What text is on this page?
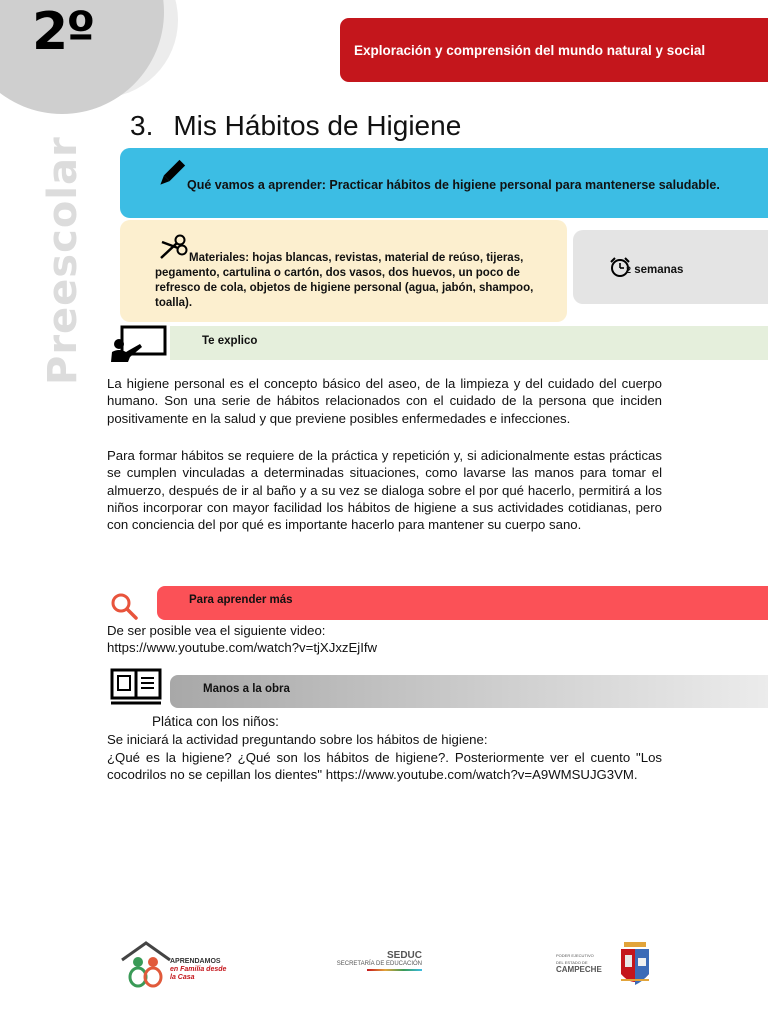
2º	Exploración y comprensión del mundo natural y social
Preescolar
3. Mis Hábitos de Higiene
Qué vamos a aprender: Practicar hábitos de higiene personal para mantenerse saludable.
Materiales: hojas blancas, revistas, material de reúso, tijeras, pegamento, cartulina o cartón, dos vasos, dos huevos, un poco de refresco de cola, objetos de higiene personal (agua, jabón, shampoo, toalla).
2 semanas
Te explico
La higiene personal es el concepto básico del aseo, de la limpieza y del cuidado del cuerpo humano. Son una serie de hábitos relacionados con el cuidado de la persona que inciden positivamente en la salud y que previene posibles enfermedades e infecciones.
Para formar hábitos se requiere de la práctica y repetición y, si adicionalmente estas prácticas se cumplen vinculadas a determinadas situaciones, como lavarse las manos para tomar el almuerzo, después de ir al baño y a su vez se dialoga sobre el por qué hacerlo, permitirá a los niños incorporar con mayor facilidad los hábitos de higiene a sus actividades cotidianas, pero con conciencia del por qué es importante hacerlo para mantener su cuerpo sano.
Para aprender más
De ser posible vea el siguiente video:
https://www.youtube.com/watch?v=tjXJxzEjIfw
Manos a la obra
Plática con los niños:
Se iniciará la actividad preguntando sobre los hábitos de higiene:
¿Qué es la higiene? ¿Qué son los hábitos de higiene?. Posteriormente ver el cuento "Los cocodrilos no se cepillan los dientes" https://www.youtube.com/watch?v=A9WMSUJG3VM.
APRENDAMOS
en Familia desde
la Casa
SEDUC
SECRETARÍA DE EDUCACIÓN
PODER EJECUTIVO
DEL ESTADO DE
CAMPECHE
